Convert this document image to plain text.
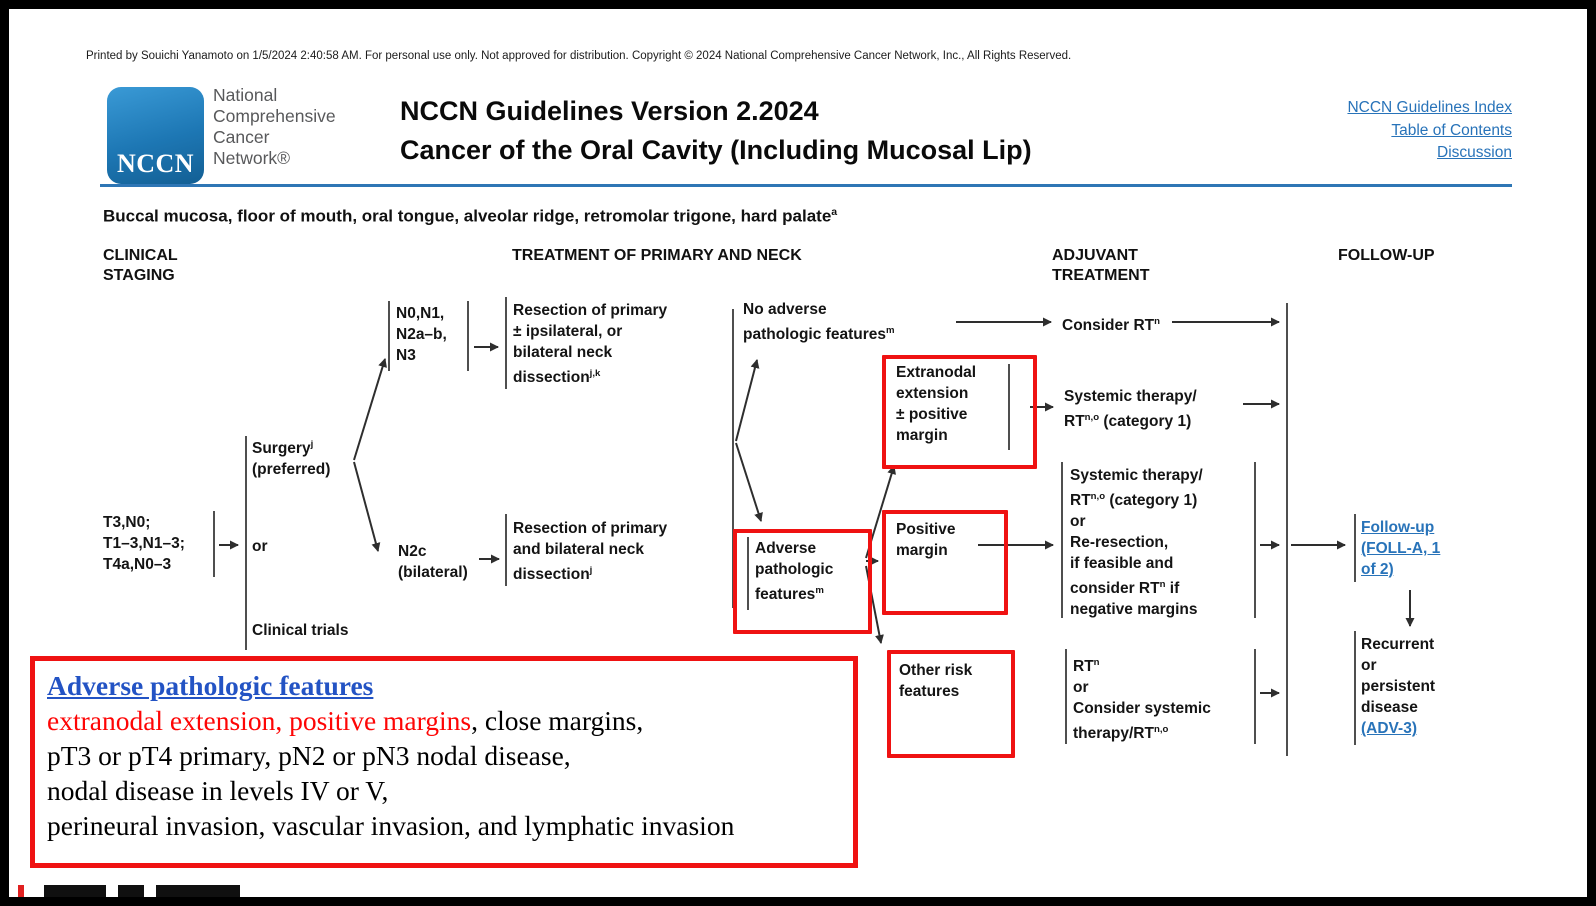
Printed by Souichi Yanamoto on 1/5/2024 2:40:58 AM. For personal use only. Not approved for distribution. Copyright © 2024 National Comprehensive Cancer Network, Inc., All Rights Reserved.
NCCN
National
Comprehensive
Cancer
Network®
NCCN Guidelines Version 2.2024
Cancer of the Oral Cavity (Including Mucosal Lip)
NCCN Guidelines Index
Table of Contents
Discussion
Buccal mucosa, floor of mouth, oral tongue, alveolar ridge, retromolar trigone, hard palate$^a$
CLINICAL
STAGING
TREATMENT OF PRIMARY AND NECK	ADJUVANT
TREATMENT
FOLLOW-UP
T3,N0;
T1–3,N1–3;
T4a,N0–3
Surgery$^j$
(preferred)
or
Clinical trials
N0,N1,
N2a–b,
N3
Resection of primary
± ipsilateral, or
bilateral neck
dissection$^{j,k}$
N2c
(bilateral)
Resection of primary
and bilateral neck
dissection$^j$
No adverse
pathologic features$^m$
Adverse
pathologic
features$^m$
Extranodal
extension
± positive
margin
Positive
margin
Other risk
features
Consider $RT^n$
Systemic therapy/
RT$^{n,o}$ (category 1)
Systemic therapy/
RT$^{n,o}$ (category 1)
or
Re-resection,
if feasible and
consider $RT^n$ if
negative margins
$RT^n$
or
Consider systemic
therapy/RT$^{n,o}$
Follow-up
(FOLL-A, 1
of 2)
Recurrent
or
persistent
disease
(ADV-3)
Adverse pathologic features
extranodal extension, positive margins, close margins,
pT3 or pT4 primary, pN2 or pN3 nodal disease,
nodal disease in levels IV or V,
perineural invasion, vascular invasion, and lymphatic invasion
